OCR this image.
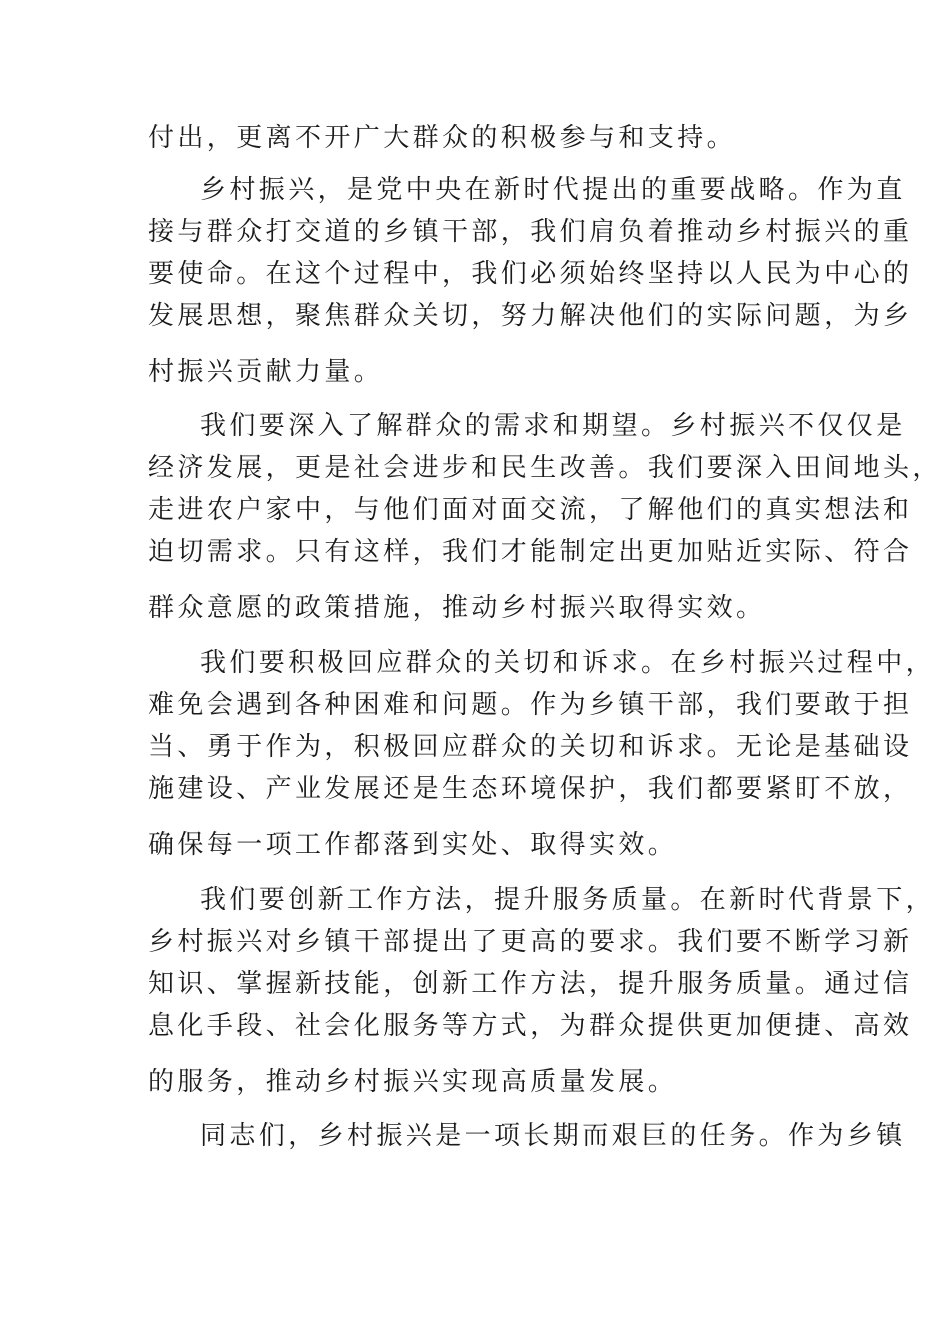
付出，更离不开广大群众的积极参与和支持。
乡村振兴，是党中央在新时代提出的重要战略。作为直
接与群众打交道的乡镇干部，我们肩负着推动乡村振兴的重
要使命。在这个过程中，我们必须始终坚持以人民为中心的
发展思想，聚焦群众关切，努力解决他们的实际问题，为乡
村振兴贡献力量。
我们要深入了解群众的需求和期望。乡村振兴不仅仅是
经济发展，更是社会进步和民生改善。我们要深入田间地头，
走进农户家中，与他们面对面交流，了解他们的真实想法和
迫切需求。只有这样，我们才能制定出更加贴近实际、符合
群众意愿的政策措施，推动乡村振兴取得实效。
我们要积极回应群众的关切和诉求。在乡村振兴过程中，
难免会遇到各种困难和问题。作为乡镇干部，我们要敢于担
当、勇于作为，积极回应群众的关切和诉求。无论是基础设
施建设、产业发展还是生态环境保护，我们都要紧盯不放，
确保每一项工作都落到实处、取得实效。
我们要创新工作方法，提升服务质量。在新时代背景下，
乡村振兴对乡镇干部提出了更高的要求。我们要不断学习新
知识、掌握新技能，创新工作方法，提升服务质量。通过信
息化手段、社会化服务等方式，为群众提供更加便捷、高效
的服务，推动乡村振兴实现高质量发展。
同志们，乡村振兴是一项长期而艰巨的任务。作为乡镇
